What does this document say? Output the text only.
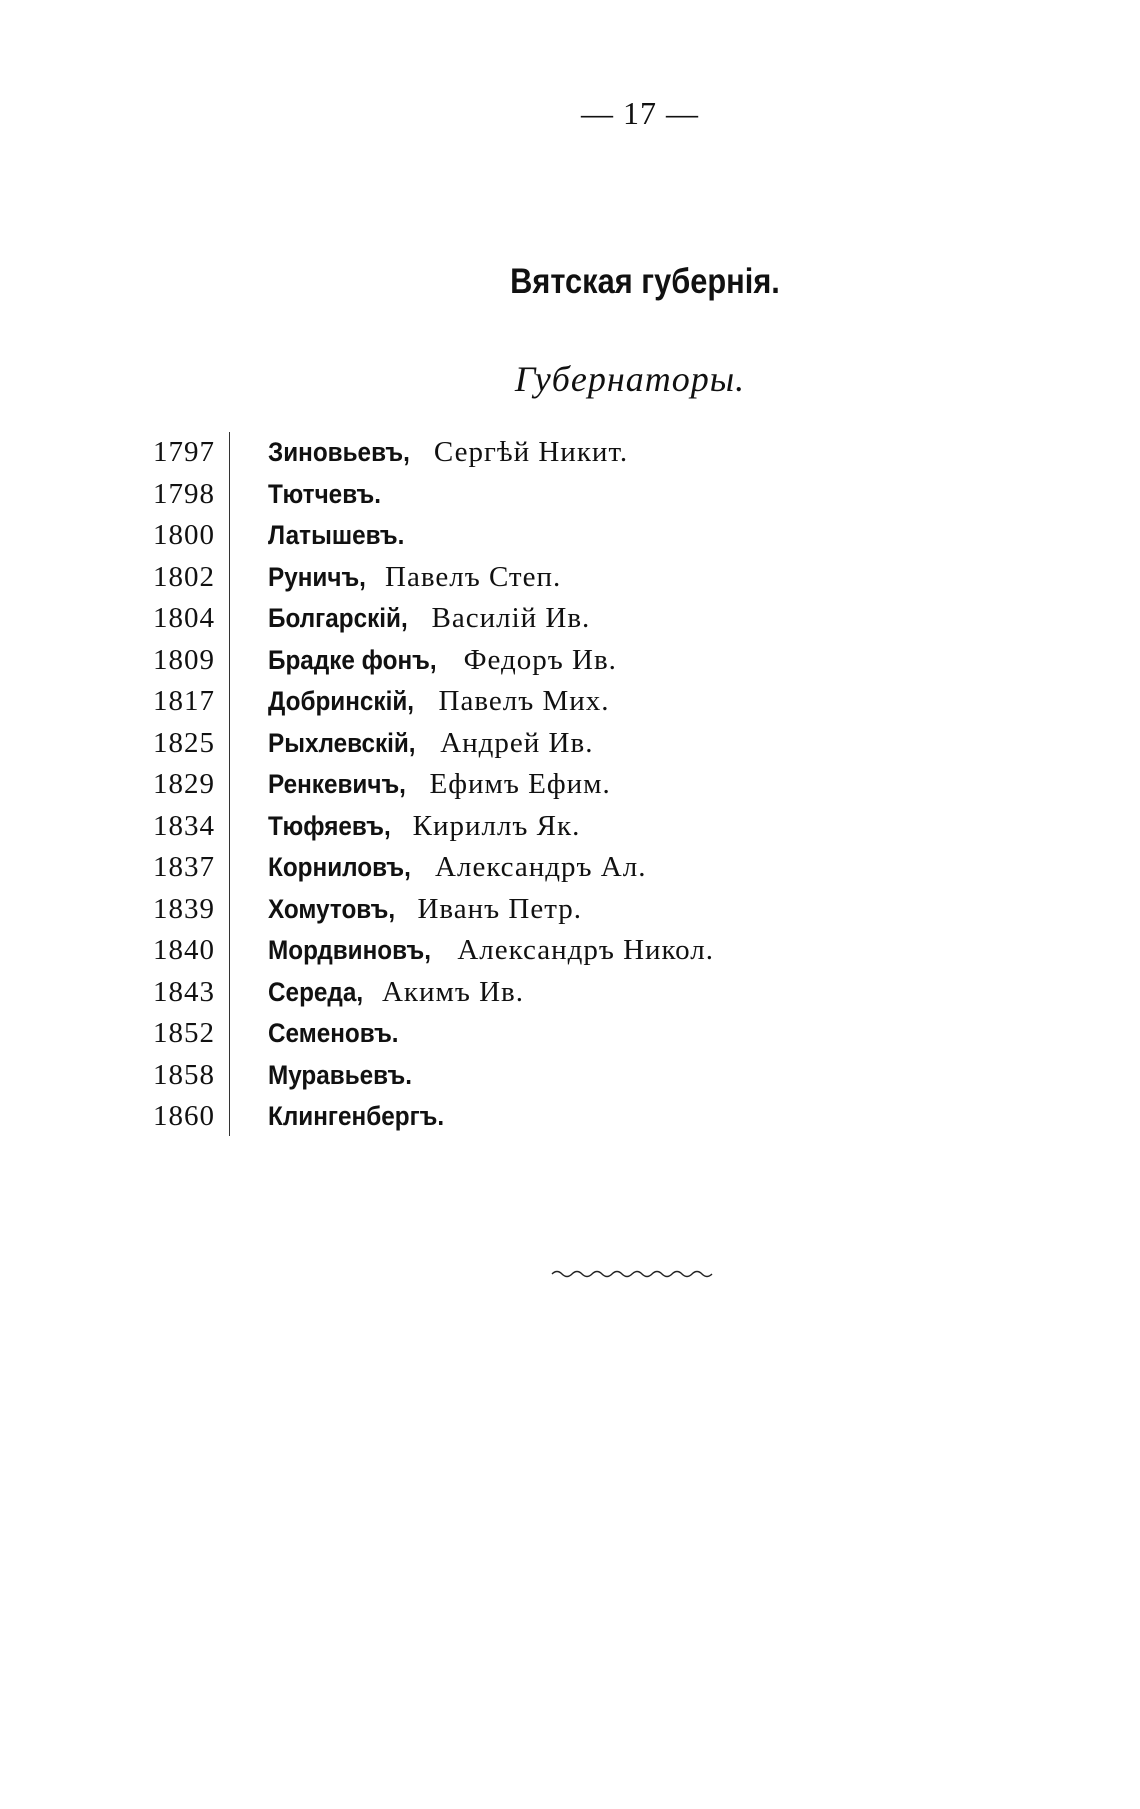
— 17 —
Вятская губернія.
Губернаторы.
1797 Зиновьевъ, Сергѣй Никит.
1798 Тютчевъ.
1800 Латышевъ.
1802 Руничъ, Павелъ Степ.
1804 Болгарскій, Василій Ив.
1809 Брадке фонъ, Федоръ Ив.
1817 Добринскій, Павелъ Мих.
1825 Рыхлевскій, Андрей Ив.
1829 Ренкевичъ, Ефимъ Ефим.
1834 Тюфяевъ, Кириллъ Як.
1837 Корниловъ, Александръ Ал.
1839 Хомутовъ, Иванъ Петр.
1840 Мордвиновъ, Александръ Никол.
1843 Середа, Акимъ Ив.
1852 Семеновъ.
1858 Муравьевъ.
1860 Клингенбергъ.
